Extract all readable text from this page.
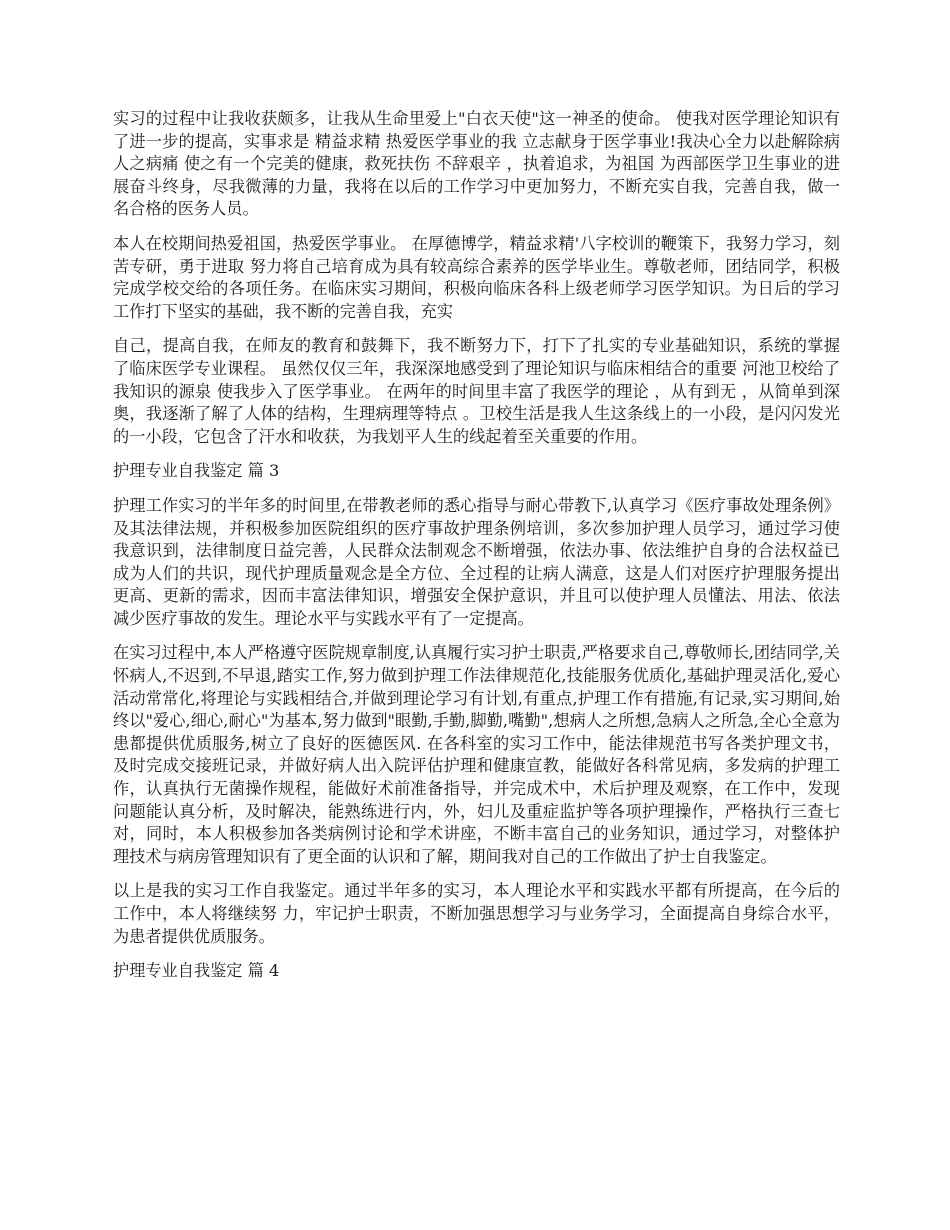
实习的过程中让我收获颇多，让我从生命里爱上"白衣天使"这一神圣的使命。 使我对医学理论知识有了进一步的提高，实事求是 精益求精 热爱医学事业的我 立志献身于医学事业!我决心全力以赴解除病人之病痛 使之有一个完美的健康，救死扶伤 不辞艰辛 ，执着追求，为祖国 为西部医学卫生事业的进展奋斗终身，尽我微薄的力量，我将在以后的工作学习中更加努力，不断充实自我，完善自我，做一名合格的医务人员。

本人在校期间热爱祖国，热爱医学事业。 在厚德博学，精益求精'八字校训的鞭策下，我努力学习，刻苦专研，勇于进取 努力将自己培育成为具有较高综合素养的医学毕业生。尊敬老师，团结同学，积极完成学校交给的各项任务。在临床实习期间，积极向临床各科上级老师学习医学知识。为日后的学习工作打下坚实的基础，我不断的完善自我，充实

自己，提高自我，在师友的教育和鼓舞下，我不断努力下，打下了扎实的专业基础知识，系统的掌握了临床医学专业课程。 虽然仅仅三年，我深深地感受到了理论知识与临床相结合的重要 河池卫校给了我知识的源泉 使我步入了医学事业。 在两年的时间里丰富了我医学的理论 ，从有到无 ，从简单到深奥，我逐渐了解了人体的结构，生理病理等特点 。卫校生活是我人生这条线上的一小段，是闪闪发光的一小段，它包含了汗水和收获，为我划平人生的线起着至关重要的作用。

护理专业自我鉴定 篇 3

护理工作实习的半年多的时间里,在带教老师的悉心指导与耐心带教下,认真学习《医疗事故处理条例》及其法律法规，并积极参加医院组织的医疗事故护理条例培训，多次参加护理人员学习，通过学习使我意识到，法律制度日益完善，人民群众法制观念不断增强，依法办事、依法维护自身的合法权益已成为人们的共识，现代护理质量观念是全方位、全过程的让病人满意，这是人们对医疗护理服务提出更高、更新的需求，因而丰富法律知识，增强安全保护意识，并且可以使护理人员懂法、用法、依法减少医疗事故的发生。理论水平与实践水平有了一定提高。

在实习过程中,本人严格遵守医院规章制度,认真履行实习护士职责,严格要求自己,尊敬师长,团结同学,关怀病人,不迟到,不早退,踏实工作,努力做到护理工作法律规范化,技能服务优质化,基础护理灵活化,爱心活动常常化,将理论与实践相结合,并做到理论学习有计划,有重点,护理工作有措施,有记录,实习期间,始终以"爱心,细心,耐心"为基本,努力做到"眼勤,手勤,脚勤,嘴勤",想病人之所想,急病人之所急,全心全意为患都提供优质服务,树立了良好的医德医风. 在各科室的实习工作中，能法律规范书写各类护理文书，及时完成交接班记录，并做好病人出入院评估护理和健康宣教，能做好各科常见病，多发病的护理工作，认真执行无菌操作规程，能做好术前准备指导，并完成术中，术后护理及观察，在工作中，发现问题能认真分析，及时解决，能熟练进行内，外，妇儿及重症监护等各项护理操作，严格执行三查七对，同时，本人积极参加各类病例讨论和学术讲座，不断丰富自己的业务知识，通过学习，对整体护理技术与病房管理知识有了更全面的认识和了解，期间我对自己的工作做出了护士自我鉴定。

以上是我的实习工作自我鉴定。通过半年多的实习，本人理论水平和实践水平都有所提高，在今后的工作中，本人将继续努 力，牢记护士职责，不断加强思想学习与业务学习，全面提高自身综合水平，为患者提供优质服务。

护理专业自我鉴定 篇 4
